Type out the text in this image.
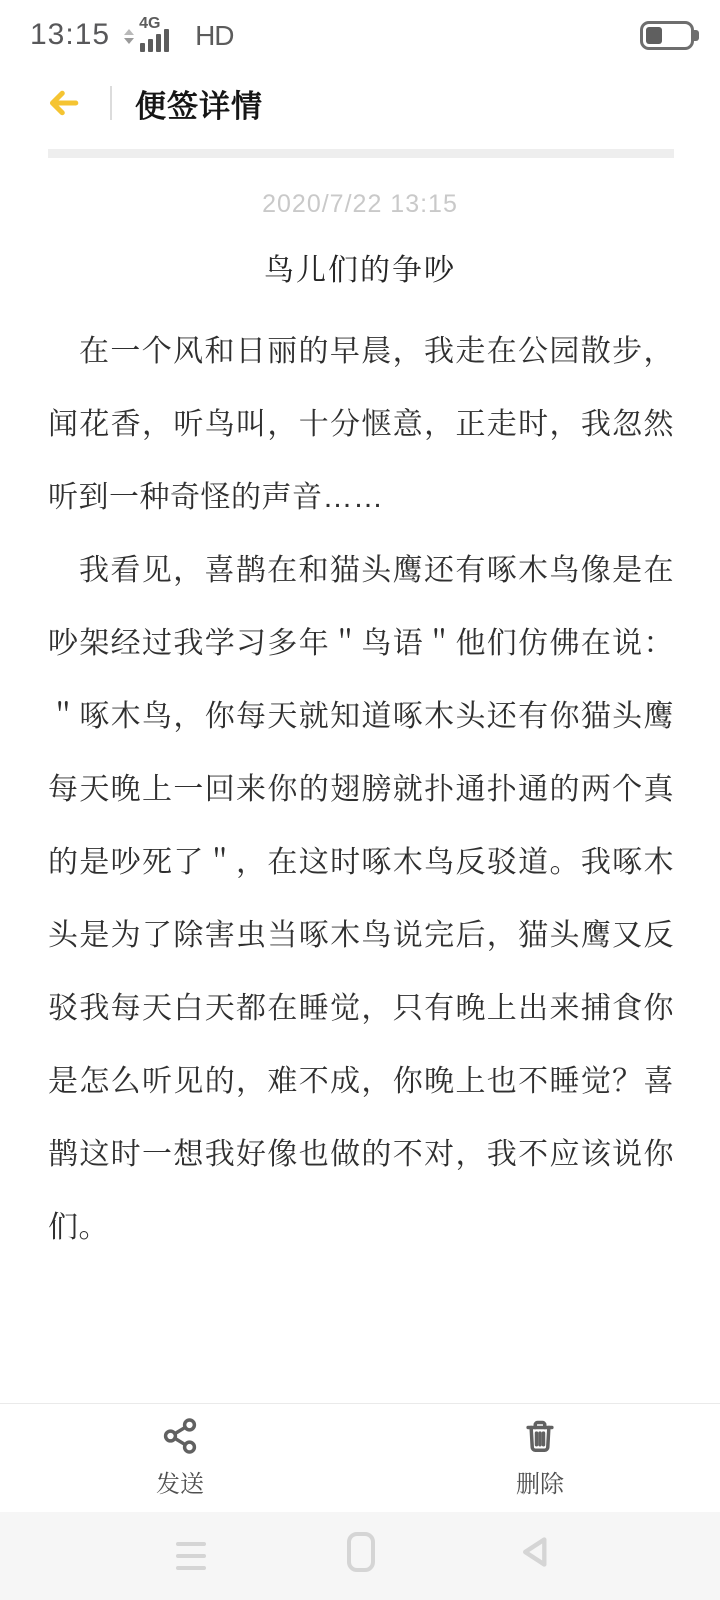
13:15 4G HD
便签详情
2020/7/22 13:15
鸟儿们的争吵

在一个风和日丽的早晨，我走在公园散步，闻花香，听鸟叫，十分惬意，正走时，我忽然听到一种奇怪的声音……

我看见，喜鹊在和猫头鹰还有啄木鸟像是在吵架经过我学习多年＂鸟语＂他们仿佛在说：＂啄木鸟，你每天就知道啄木头还有你猫头鹰每天晚上一回来你的翅膀就扑通扑通的两个真的是吵死了＂，在这时啄木鸟反驳道。我啄木头是为了除害虫当啄木鸟说完后，猫头鹰又反驳我每天白天都在睡觉，只有晚上出来捕食你是怎么听见的，难不成，你晚上也不睡觉？喜鹊这时一想我好像也做的不对，我不应该说你们。

发送	删除
